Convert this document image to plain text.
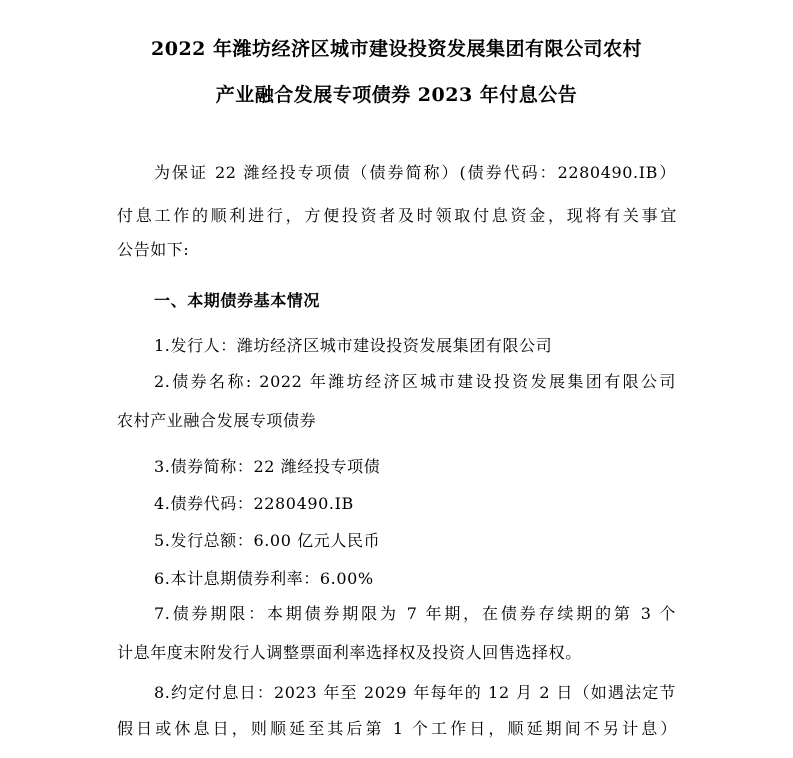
2022 年潍坊经济区城市建设投资发展集团有限公司农村
产业融合发展专项债券 2023 年付息公告
为保证 22 潍经投专项债（债券简称）(债券代码：2280490.IB）
付息工作的顺利进行，方便投资者及时领取付息资金，现将有关事宜
公告如下:
一、本期债券基本情况
1.发行人：潍坊经济区城市建设投资发展集团有限公司
2.债券名称: 2022 年潍坊经济区城市建设投资发展集团有限公司
农村产业融合发展专项债券
3.债券简称：22 潍经投专项债
4.债券代码：2280490.IB
5.发行总额：6.00 亿元人民币
6.本计息期债券利率：6.00%
7.债券期限：本期债券期限为 7 年期，在债券存续期的第 3 个
计息年度末附发行人调整票面利率选择权及投资人回售选择权。
8.约定付息日：2023 年至 2029 年每年的 12 月 2 日（如遇法定节
假日或休息日，则顺延至其后第 1 个工作日，顺延期间不另计息）
